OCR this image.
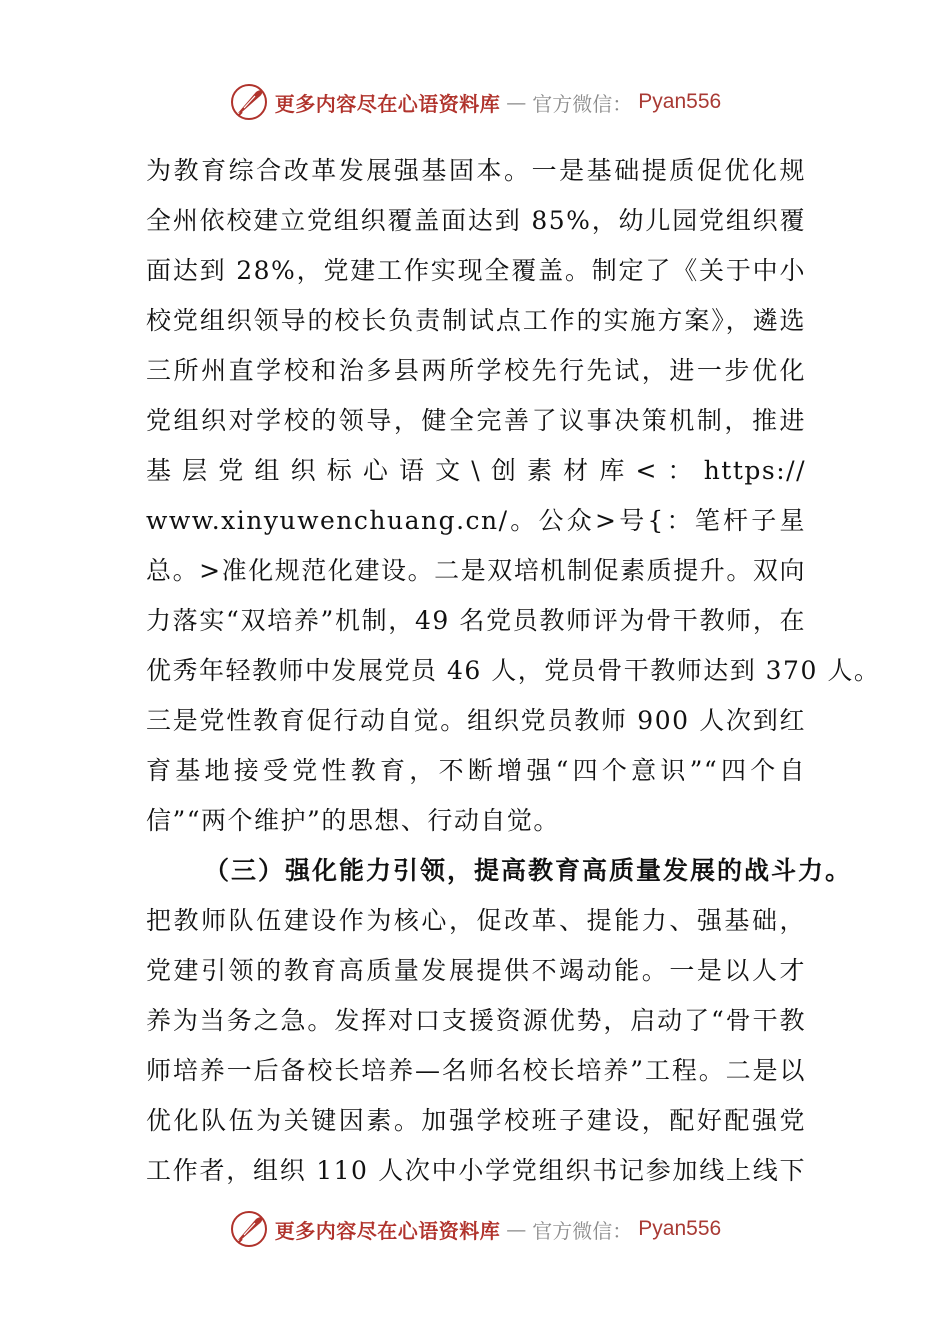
更多内容尽在心语资料库 — 官方微信： Pyan556
为教育综合改革发展强基固本。一是基础提质促优化规
全州依校建立党组织覆盖面达到 85%，幼儿园党组织覆
面达到 28%，党建工作实现全覆盖。制定了《关于中小
校党组织领导的校长负责制试点工作的实施方案》，遴选
三所州直学校和治多县两所学校先行先试，进一步优化
党组织对学校的领导，健全完善了议事决策机制，推进
基层党组织标心语文\创素材库<：https://
www.xinyuwenchuang.cn/。公众>号{：笔杆子星
总。>准化规范化建设。二是双培机制促素质提升。双向
力落实“双培养”机制，49 名党员教师评为骨干教师，在
优秀年轻教师中发展党员 46 人，党员骨干教师达到 370 人。
三是党性教育促行动自觉。组织党员教师 900 人次到红
育基地接受党性教育，不断增强“四个意识”“四个自
信”“两个维护”的思想、行动自觉。
（三）强化能力引领，提高教育高质量发展的战斗力。
把教师队伍建设作为核心，促改革、提能力、强基础，
党建引领的教育高质量发展提供不竭动能。一是以人才
养为当务之急。发挥对口支援资源优势，启动了“骨干教
师培养一后备校长培养—名师名校长培养”工程。二是以
优化队伍为关键因素。加强学校班子建设，配好配强党
工作者，组织 110 人次中小学党组织书记参加线上线下
更多内容尽在心语资料库 — 官方微信： Pyan556
